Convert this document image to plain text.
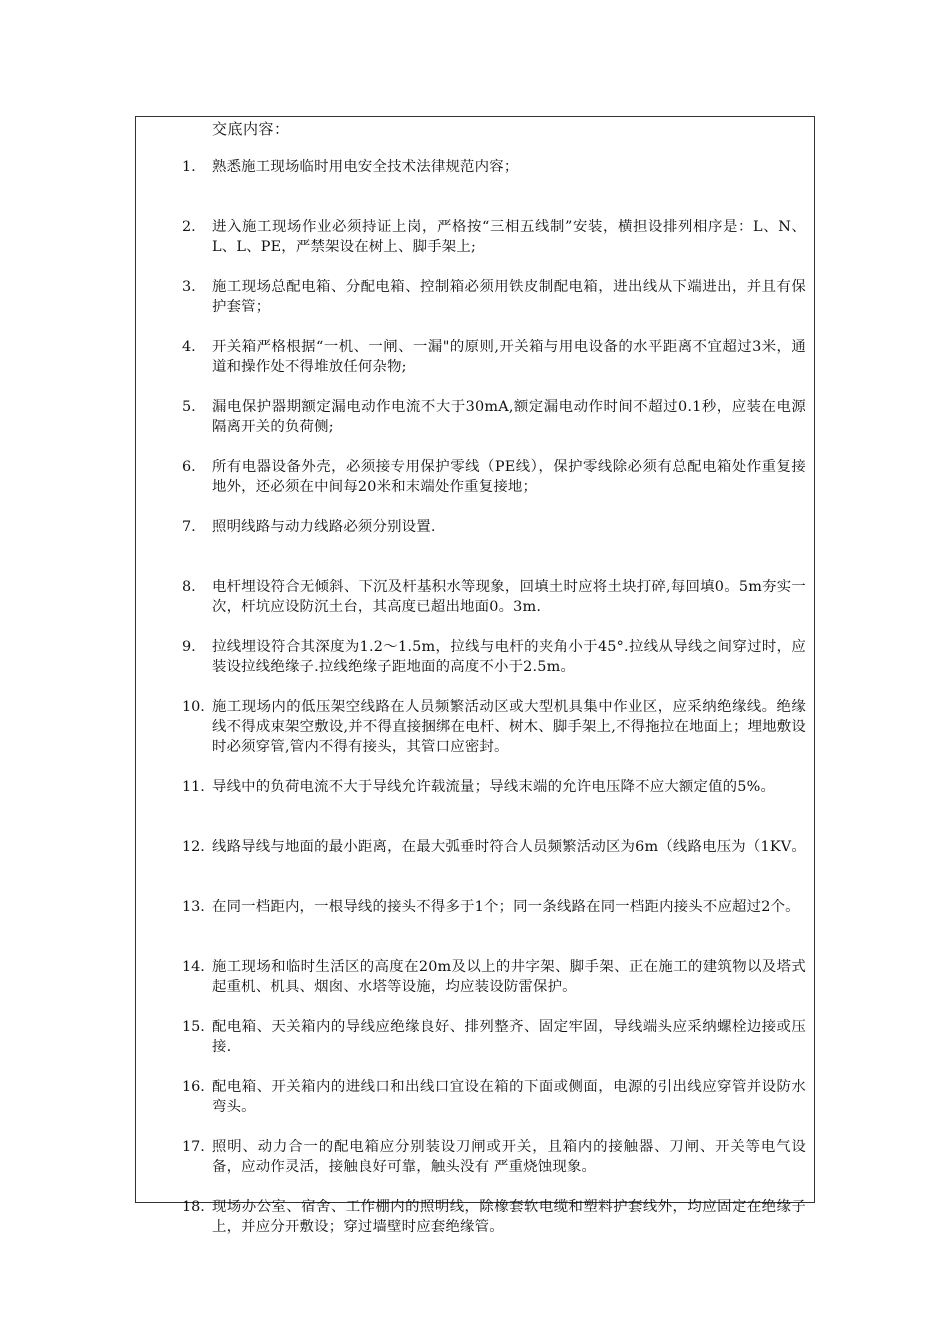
交底内容：
1.	熟悉施工现场临时用电安全技术法律规范内容；
2.	进入施工现场作业必须持证上岗，严格按“三相五线制”安装，横担设排列相序是：L、N、L、L、PE，严禁架设在树上、脚手架上;
3.	施工现场总配电箱、分配电箱、控制箱必须用铁皮制配电箱，进出线从下端进出，并且有保护套管；
4.	开关箱严格根据“一机、一闸、一漏"的原则,开关箱与用电设备的水平距离不宜超过3米，通道和操作处不得堆放任何杂物;
5.	漏电保护器期额定漏电动作电流不大于30mA,额定漏电动作时间不超过0.1秒，应装在电源隔离开关的负荷侧;
6.	所有电器设备外壳，必须接专用保护零线（PE线），保护零线除必须有总配电箱处作重复接地外，还必须在中间每20米和末端处作重复接地；
7.	照明线路与动力线路必须分别设置.
8.	电杆埋设符合无倾斜、下沉及杆基积水等现象，回填土时应将土块打碎,每回填0。5m夯实一次，杆坑应设防沉土台，其高度已超出地面0。3m.
9.	拉线埋设符合其深度为1.2～1.5m，拉线与电杆的夹角小于45°.拉线从导线之间穿过时，应装设拉线绝缘子.拉线绝缘子距地面的高度不小于2.5m。
10. 施工现场内的低压架空线路在人员频繁活动区或大型机具集中作业区，应采纳绝缘线。绝缘线不得成束架空敷设,并不得直接捆绑在电杆、树木、脚手架上,不得拖拉在地面上；埋地敷设时必须穿管,管内不得有接头，其管口应密封。
11. 导线中的负荷电流不大于导线允许载流量；导线末端的允许电压降不应大额定值的5%。
12. 线路导线与地面的最小距离，在最大弧垂时符合人员频繁活动区为6m（线路电压为（1KV。
13. 在同一档距内，一根导线的接头不得多于1个；同一条线路在同一档距内接头不应超过2个。
14. 施工现场和临时生活区的高度在20m及以上的井字架、脚手架、正在施工的建筑物以及塔式起重机、机具、烟囱、水塔等设施，均应装设防雷保护。
15. 配电箱、天关箱内的导线应绝缘良好、排列整齐、固定牢固，导线端头应采纳螺栓边接或压接.
16. 配电箱、开关箱内的进线口和出线口宜设在箱的下面或侧面，电源的引出线应穿管并设防水弯头。
17. 照明、动力合一的配电箱应分别装设刀闸或开关，且箱内的接触器、刀闸、开关等电气设备，应动作灵活，接触良好可靠，触头没有 严重烧蚀现象。
18. 现场办公室、宿舍、工作棚内的照明线，除橡套软电缆和塑料护套线外，均应固定在绝缘子上，并应分开敷设；穿过墙壁时应套绝缘管。
